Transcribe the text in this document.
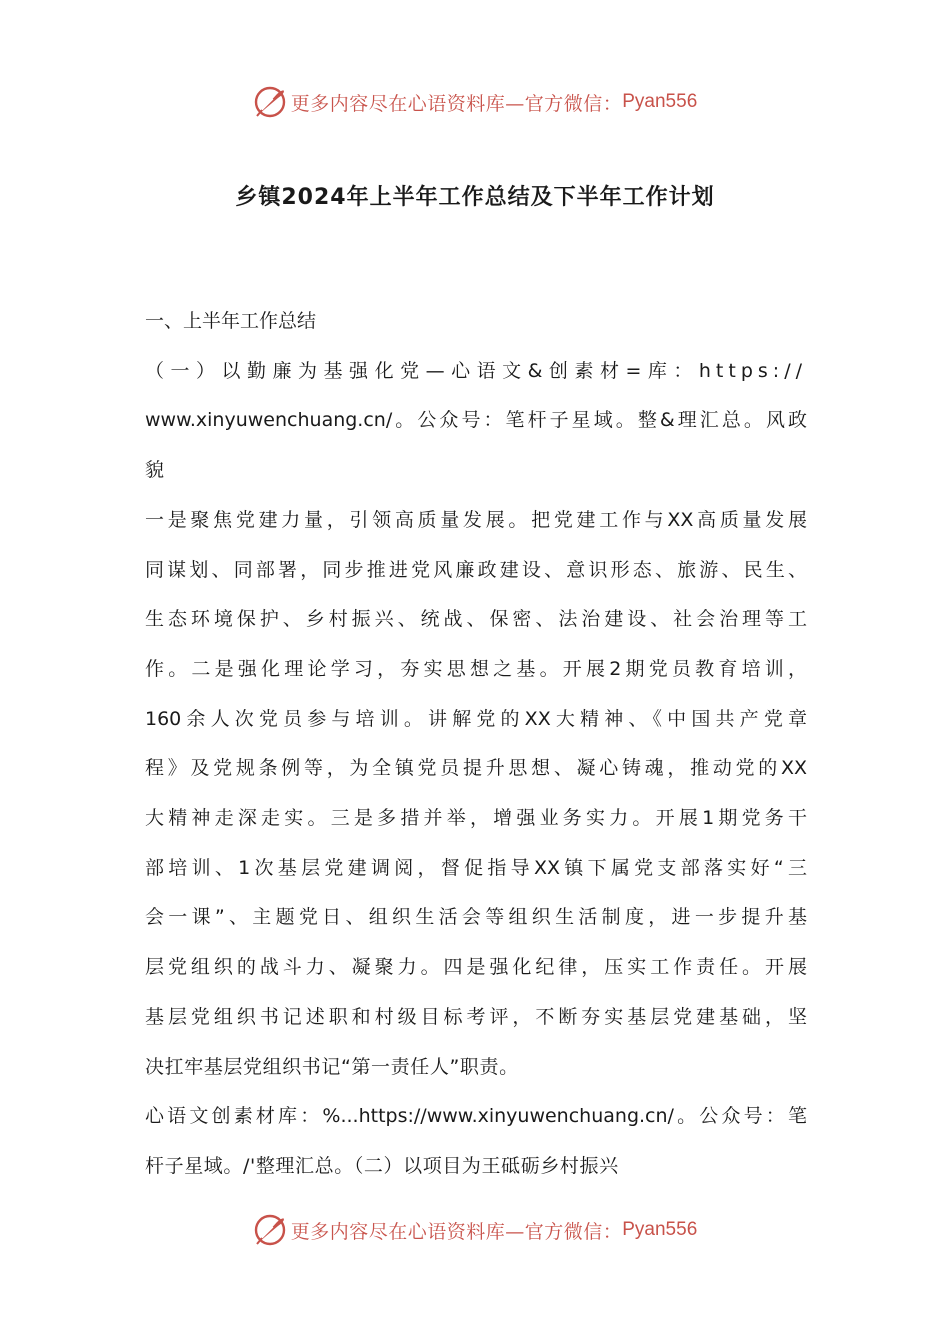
更多内容尽在心语资料库—官方微信： Pyan556
乡镇2024年上半年工作总结及下半年工作计划

一、上半年工作总结

（一）以勤廉为基强化党—心语文&创素材=库：https://

www.xinyuwenchuang.cn/。公众号：笔杆子星域。整&理汇总。风政

貌

一是聚焦党建力量，引领高质量发展。把党建工作与XX高质量发展

同谋划、同部署，同步推进党风廉政建设、意识形态、旅游、民生、

生态环境保护、乡村振兴、统战、保密、法治建设、社会治理等工

作。二是强化理论学习，夯实思想之基。开展2期党员教育培训，

160余人次党员参与培训。讲解党的XX大精神、《中国共产党章

程》及党规条例等，为全镇党员提升思想、凝心铸魂，推动党的XX

大精神走深走实。三是多措并举，增强业务实力。开展1期党务干

部培训、1次基层党建调阅，督促指导XX镇下属党支部落实好“三

会一课”、主题党日、组织生活会等组织生活制度，进一步提升基

层党组织的战斗力、凝聚力。四是强化纪律，压实工作责任。开展

基层党组织书记述职和村级目标考评，不断夯实基层党建基础，坚

决扛牢基层党组织书记“第一责任人”职责。

心语文创素材库：%...https://www.xinyuwenchuang.cn/。公众号：笔

杆子星域。/'整理汇总。（二）以项目为王砥砺乡村振兴

更多内容尽在心语资料库—官方微信： Pyan556
